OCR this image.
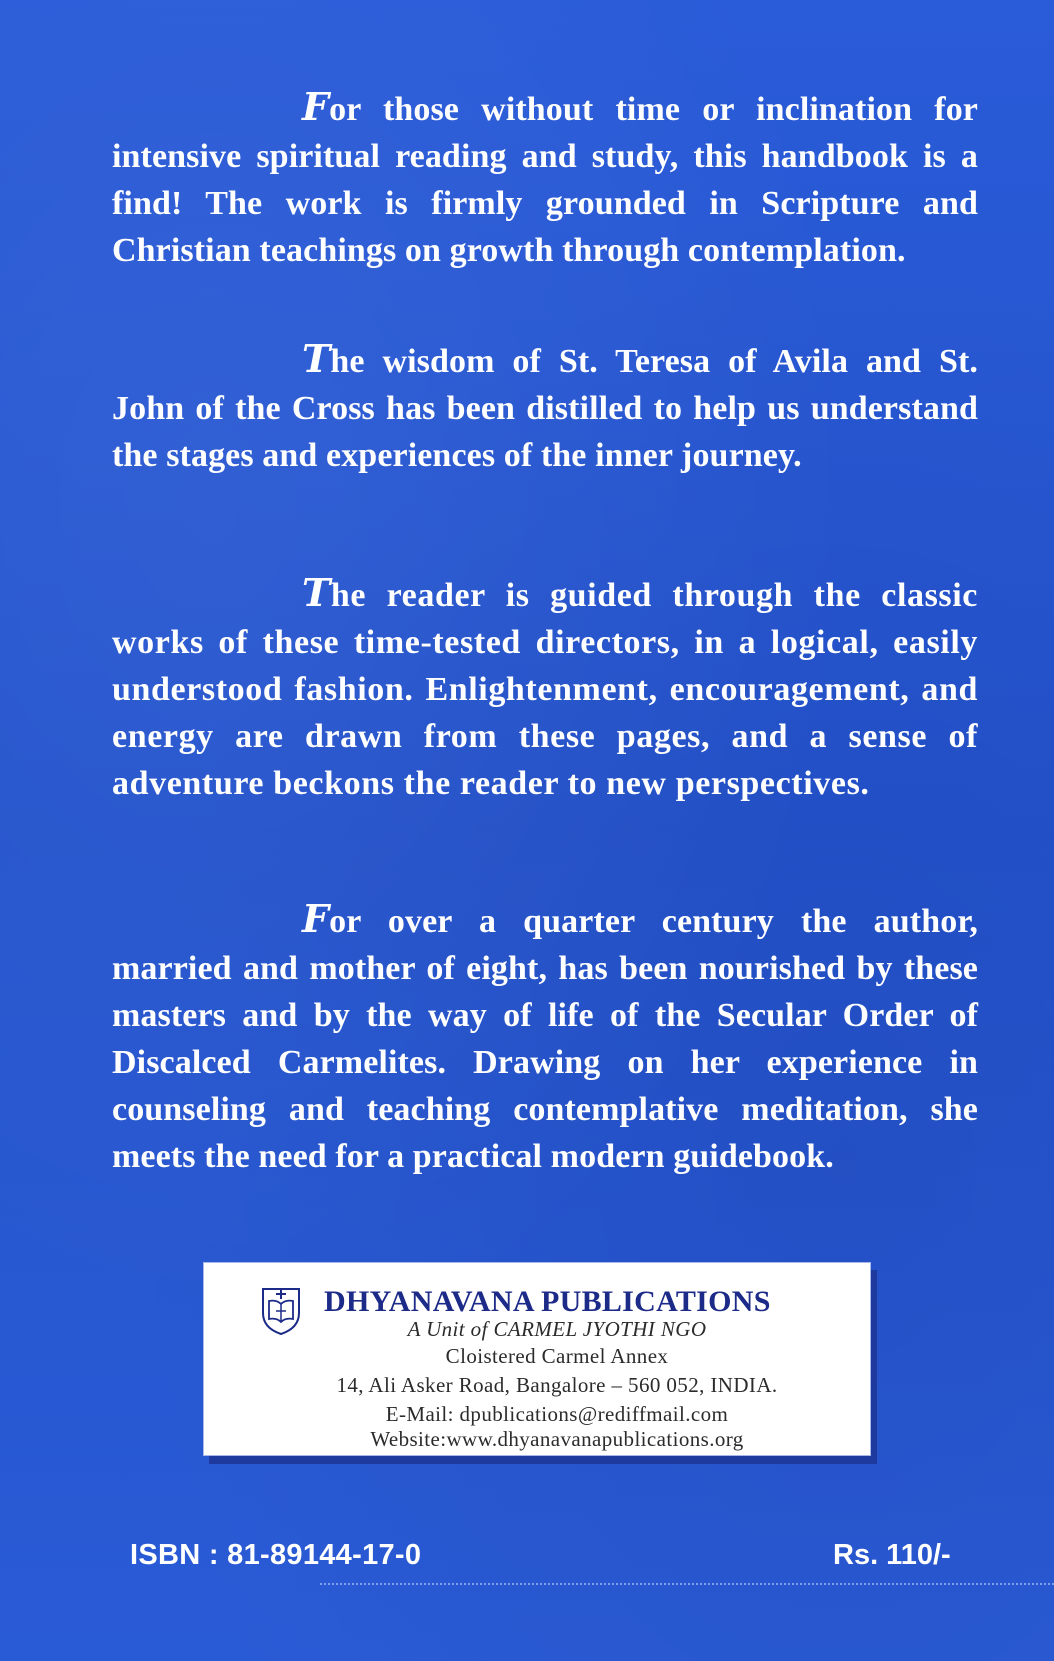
For those without time or inclination for intensive spiritual reading and study, this handbook is a find! The work is firmly grounded in Scripture and Christian teachings on growth through contemplation.

The wisdom of St. Teresa of Avila and St. John of the Cross has been distilled to help us understand the stages and experiences of the inner journey.

The reader is guided through the classic works of these time-tested directors, in a logical, easily understood fashion. Enlightenment, encouragement, and energy are drawn from these pages, and a sense of adventure beckons the reader to new perspectives.

For over a quarter century the author, married and mother of eight, has been nourished by these masters and by the way of life of the Secular Order of Discalced Carmelites. Drawing on her experience in counseling and teaching contemplative meditation, she meets the need for a practical modern guidebook.

DHYANAVANA PUBLICATIONS
A Unit of CARMEL JYOTHI NGO
Cloistered Carmel Annex
14, Ali Asker Road, Bangalore – 560 052, INDIA.
E-Mail: dpublications@rediffmail.com
Website:www.dhyanavanapublications.org
ISBN : 81-89144-17-0	Rs. 110/-
